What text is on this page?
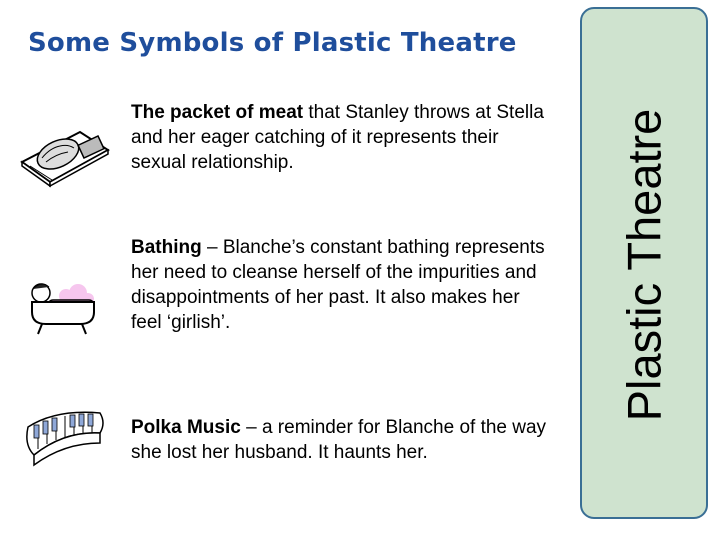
Some Symbols of Plastic Theatre
Plastic Theatre
The packet of meat that Stanley throws at Stella and her eager catching of it represents their sexual relationship.
Bathing – Blanche’s constant bathing represents her need to cleanse herself of the impurities and disappointments of her past. It also makes her feel ‘girlish’.
Polka Music – a reminder for Blanche of the way she lost her husband. It haunts her.
